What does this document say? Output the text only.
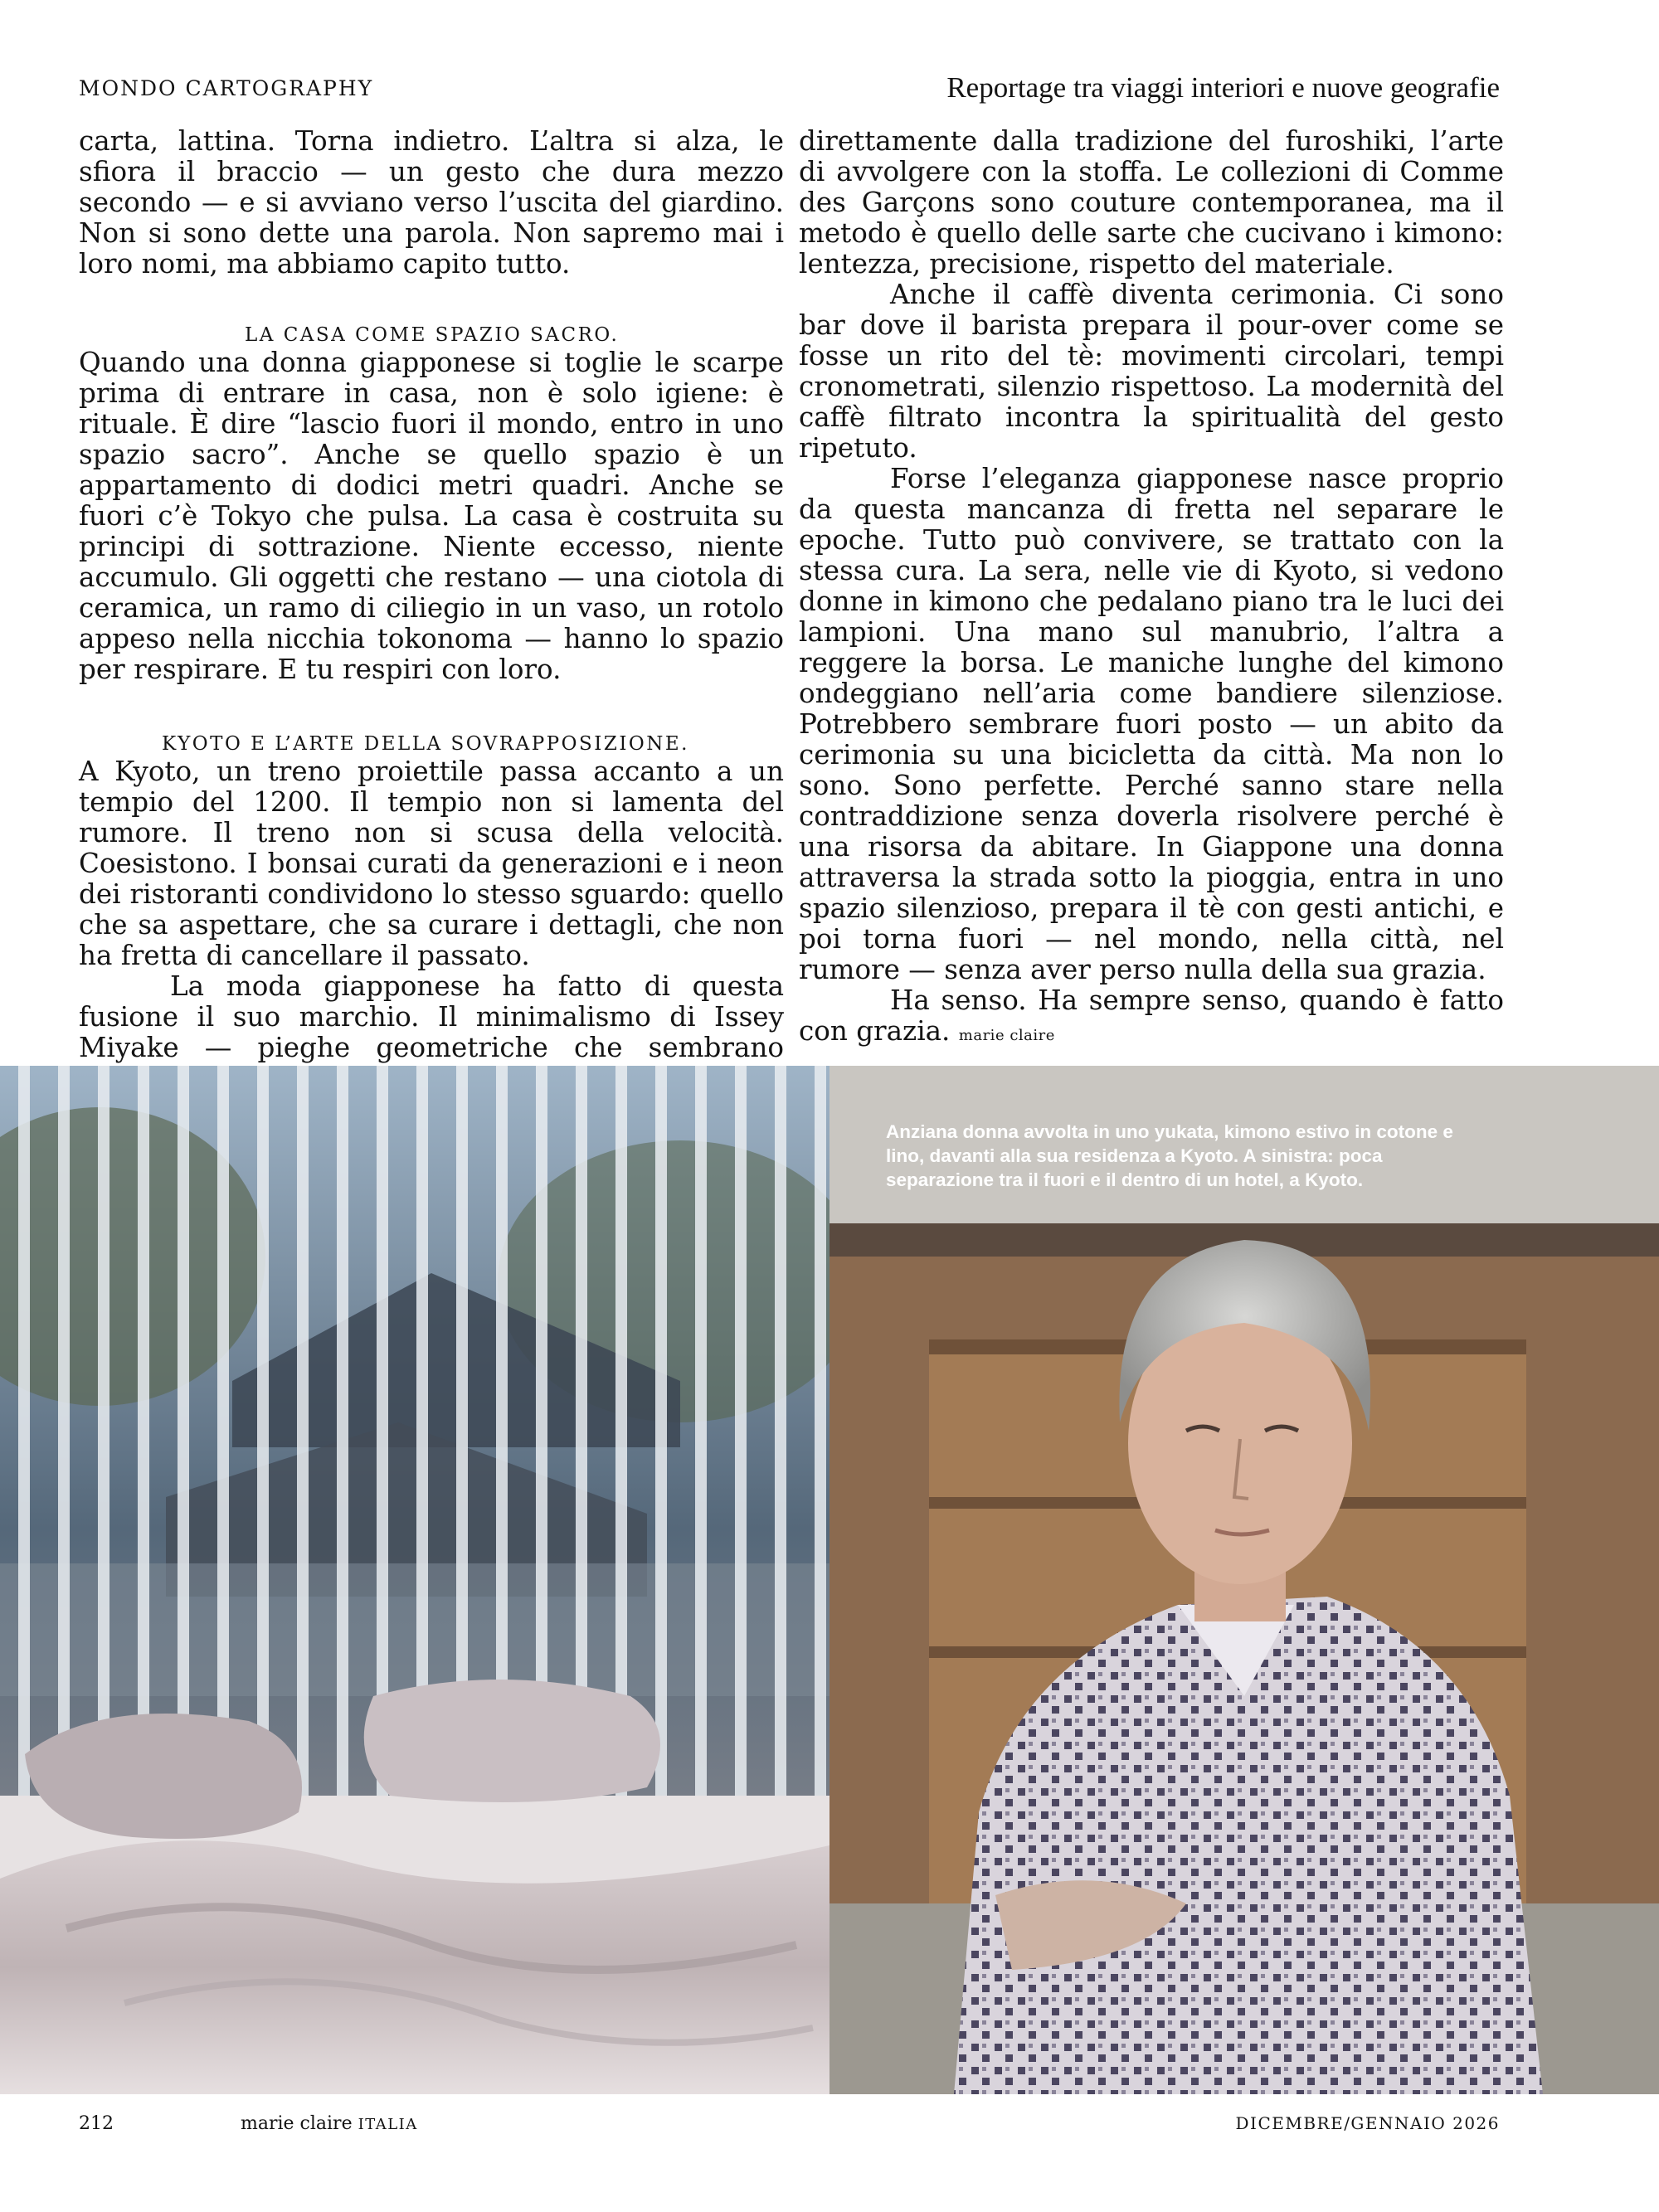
MONDO CARTOGRAPHY	Reportage tra viaggi interiori e nuove geografie

carta, lattina. Torna indietro. L’altra si alza, le sfiora il braccio — un gesto che dura mezzo secondo — e si avviano verso l’uscita del giardino. Non si sono dette una parola. Non sapremo mai i loro nomi, ma abbiamo capito tutto.

LA CASA COME SPAZIO SACRO.

Quando una donna giapponese si toglie le scarpe prima di entrare in casa, non è solo igiene: è rituale. È dire “lascio fuori il mondo, entro in uno spazio sacro”. Anche se quello spazio è un appartamento di dodici metri quadri. Anche se fuori c’è Tokyo che pulsa. La casa è costruita su principi di sottrazione. Niente eccesso, niente accumulo. Gli oggetti che restano — una ciotola di ceramica, un ramo di ciliegio in un vaso, un rotolo appeso nella nicchia tokonoma — hanno lo spazio per respirare. E tu respiri con loro.

KYOTO E L’ARTE DELLA SOVRAPPOSIZIONE.

A Kyoto, un treno proiettile passa accanto a un tempio del 1200. Il tempio non si lamenta del rumore. Il treno non si scusa della velocità. Coesistono. I bonsai curati da generazioni e i neon dei ristoranti condividono lo stesso sguardo: quello che sa aspettare, che sa curare i dettagli, che non ha fretta di cancellare il passato.

La moda giapponese ha fatto di questa fusione il suo marchio. Il minimalismo di Issey Miyake — pieghe geometriche che sembrano

direttamente dalla tradizione del furoshiki, l’arte di avvolgere con la stoffa. Le collezioni di Comme des Garçons sono couture contemporanea, ma il metodo è quello delle sarte che cucivano i kimono: lentezza, precisione, rispetto del materiale.

Anche il caffè diventa cerimonia. Ci sono bar dove il barista prepara il pour-over come se fosse un rito del tè: movimenti circolari, tempi cronometrati, silenzio rispettoso. La modernità del caffè filtrato incontra la spiritualità del gesto ripetuto.

Forse l’eleganza giapponese nasce proprio da questa mancanza di fretta nel separare le epoche. Tutto può convivere, se trattato con la stessa cura. La sera, nelle vie di Kyoto, si vedono donne in kimono che pedalano piano tra le luci dei lampioni. Una mano sul manubrio, l’altra a reggere la borsa. Le maniche lunghe del kimono ondeggiano nell’aria come bandiere silenziose. Potrebbero sembrare fuori posto — un abito da cerimonia su una bicicletta da città. Ma non lo sono. Sono perfette. Perché sanno stare nella contraddizione senza doverla risolvere perché è una risorsa da abitare. In Giappone una donna attraversa la strada sotto la pioggia, entra in uno spazio silenzioso, prepara il tè con gesti antichi, e poi torna fuori — nel mondo, nella città, nel rumore — senza aver perso nulla della sua grazia.

Ha senso. Ha sempre senso, quando è fatto con grazia. marie claire

Anziana donna avvolta in uno yukata, kimono estivo in cotone e lino, davanti alla sua residenza a Kyoto. A sinistra: poca separazione tra il fuori e il dentro di un hotel, a Kyoto.
212	marie claire ITALIA	DICEMBRE/GENNAIO 2026
